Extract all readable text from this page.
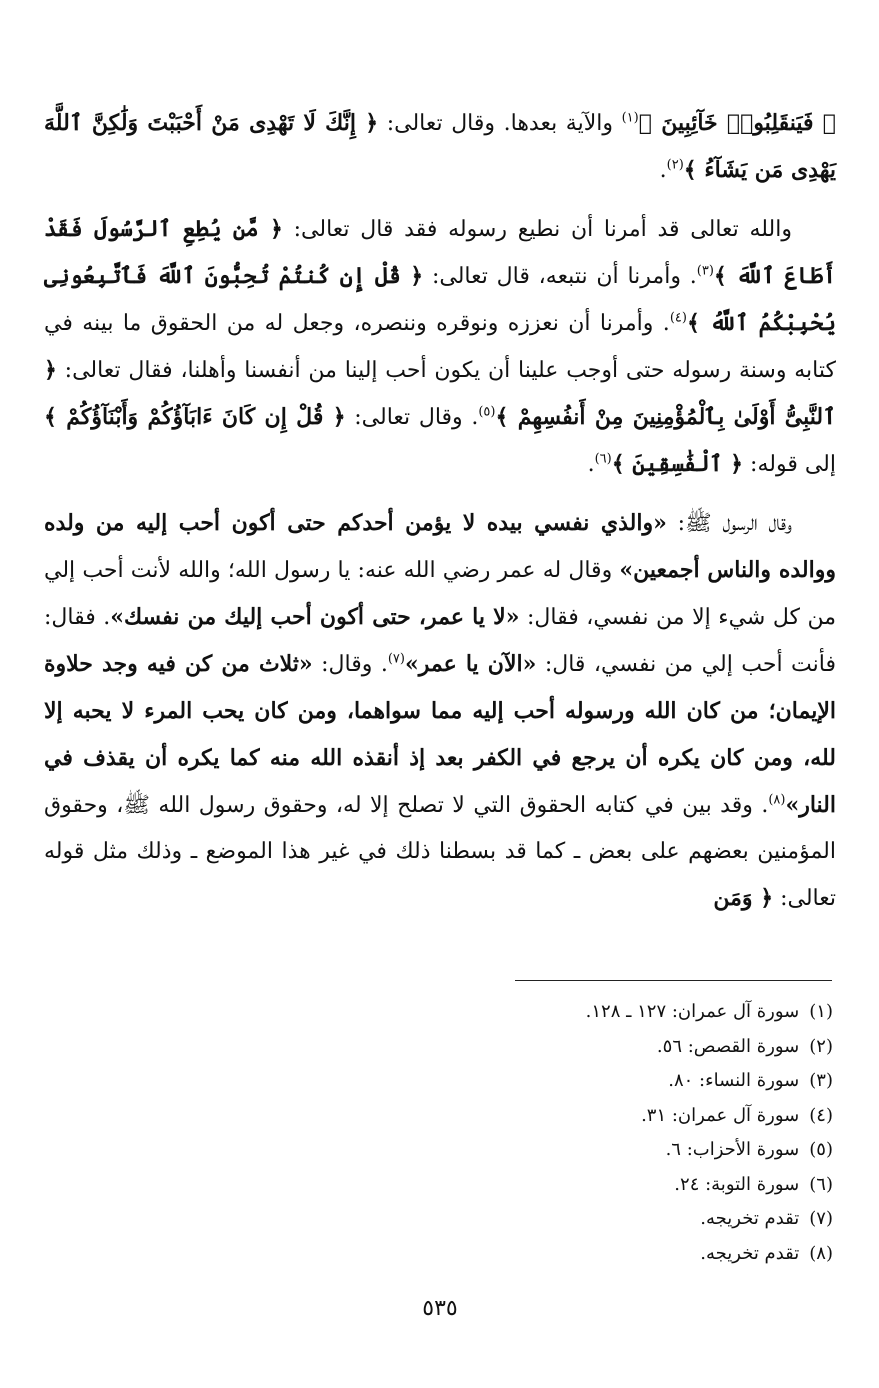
﴿ فَيَنقَلِبُوا۟ خَآئِبِينَ ﴾$^{(١)}$ والآية بعدها. وقال تعالى: ﴿ إِنَّكَ لَا تَهْدِى مَنْ أَحْبَبْتَ وَلَٰكِنَّ ٱللَّهَ يَهْدِى مَن يَشَآءُ ﴾$^{(٢)}$.

والله تعالى قد أمرنا أن نطيع رسوله فقد قال تعالى: ﴿ مَّن يُطِعِ ٱلرَّسُولَ فَقَدْ أَطَاعَ ٱللَّهَ ﴾$^{(٣)}$. وأمرنا أن نتبعه، قال تعالى: ﴿ قُلْ إِن كُنتُمْ تُحِبُّونَ ٱللَّهَ فَٱتَّبِعُونِى يُحْبِبْكُمُ ٱللَّهُ ﴾$^{(٤)}$. وأمرنا أن نعززه ونوقره وننصره، وجعل له من الحقوق ما بينه في كتابه وسنة رسوله حتى أوجب علينا أن يكون أحب إلينا من أنفسنا وأهلنا، فقال تعالى: ﴿ ٱلنَّبِىُّ أَوْلَىٰ بِٱلْمُؤْمِنِينَ مِنْ أَنفُسِهِمْ ﴾$^{(٥)}$. وقال تعالى: ﴿ قُلْ إِن كَانَ ءَابَآؤُكُمْ وَأَبْنَآؤُكُمْ ﴾ إلى قوله: ﴿ ٱلْفَٰسِقِينَ ﴾$^{(٦)}$.

وقال الرسول ﷺ: «والذي نفسي بيده لا يؤمن أحدكم حتى أكون أحب إليه من ولده ووالده والناس أجمعين» وقال له عمر رضي الله عنه: يا رسول الله؛ والله لأنت أحب إلي من كل شيء إلا من نفسي، فقال: «لا يا عمر، حتى أكون أحب إليك من نفسك». فقال: فأنت أحب إلي من نفسي، قال: «الآن يا عمر»$^{(٧)}$. وقال: «ثلاث من كن فيه وجد حلاوة الإيمان؛ من كان الله ورسوله أحب إليه مما سواهما، ومن كان يحب المرء لا يحبه إلا لله، ومن كان يكره أن يرجع في الكفر بعد إذ أنقذه الله منه كما يكره أن يقذف في النار»$^{(٨)}$. وقد بين في كتابه الحقوق التي لا تصلح إلا له، وحقوق رسول الله ﷺ، وحقوق المؤمنين بعضهم على بعض ـ كما قد بسطنا ذلك في غير هذا الموضع ـ وذلك مثل قوله تعالى: ﴿ وَمَن

(١)سورة آل عمران: ١٢٧ ـ ١٢٨.
(٢)سورة القصص: ٥٦.
(٣)سورة النساء: ٨٠.
(٤)سورة آل عمران: ٣١.
(٥)سورة الأحزاب: ٦.
(٦)سورة التوبة: ٢٤.
(٧)تقدم تخريجه.
(٨)تقدم تخريجه.
٥٣٥
